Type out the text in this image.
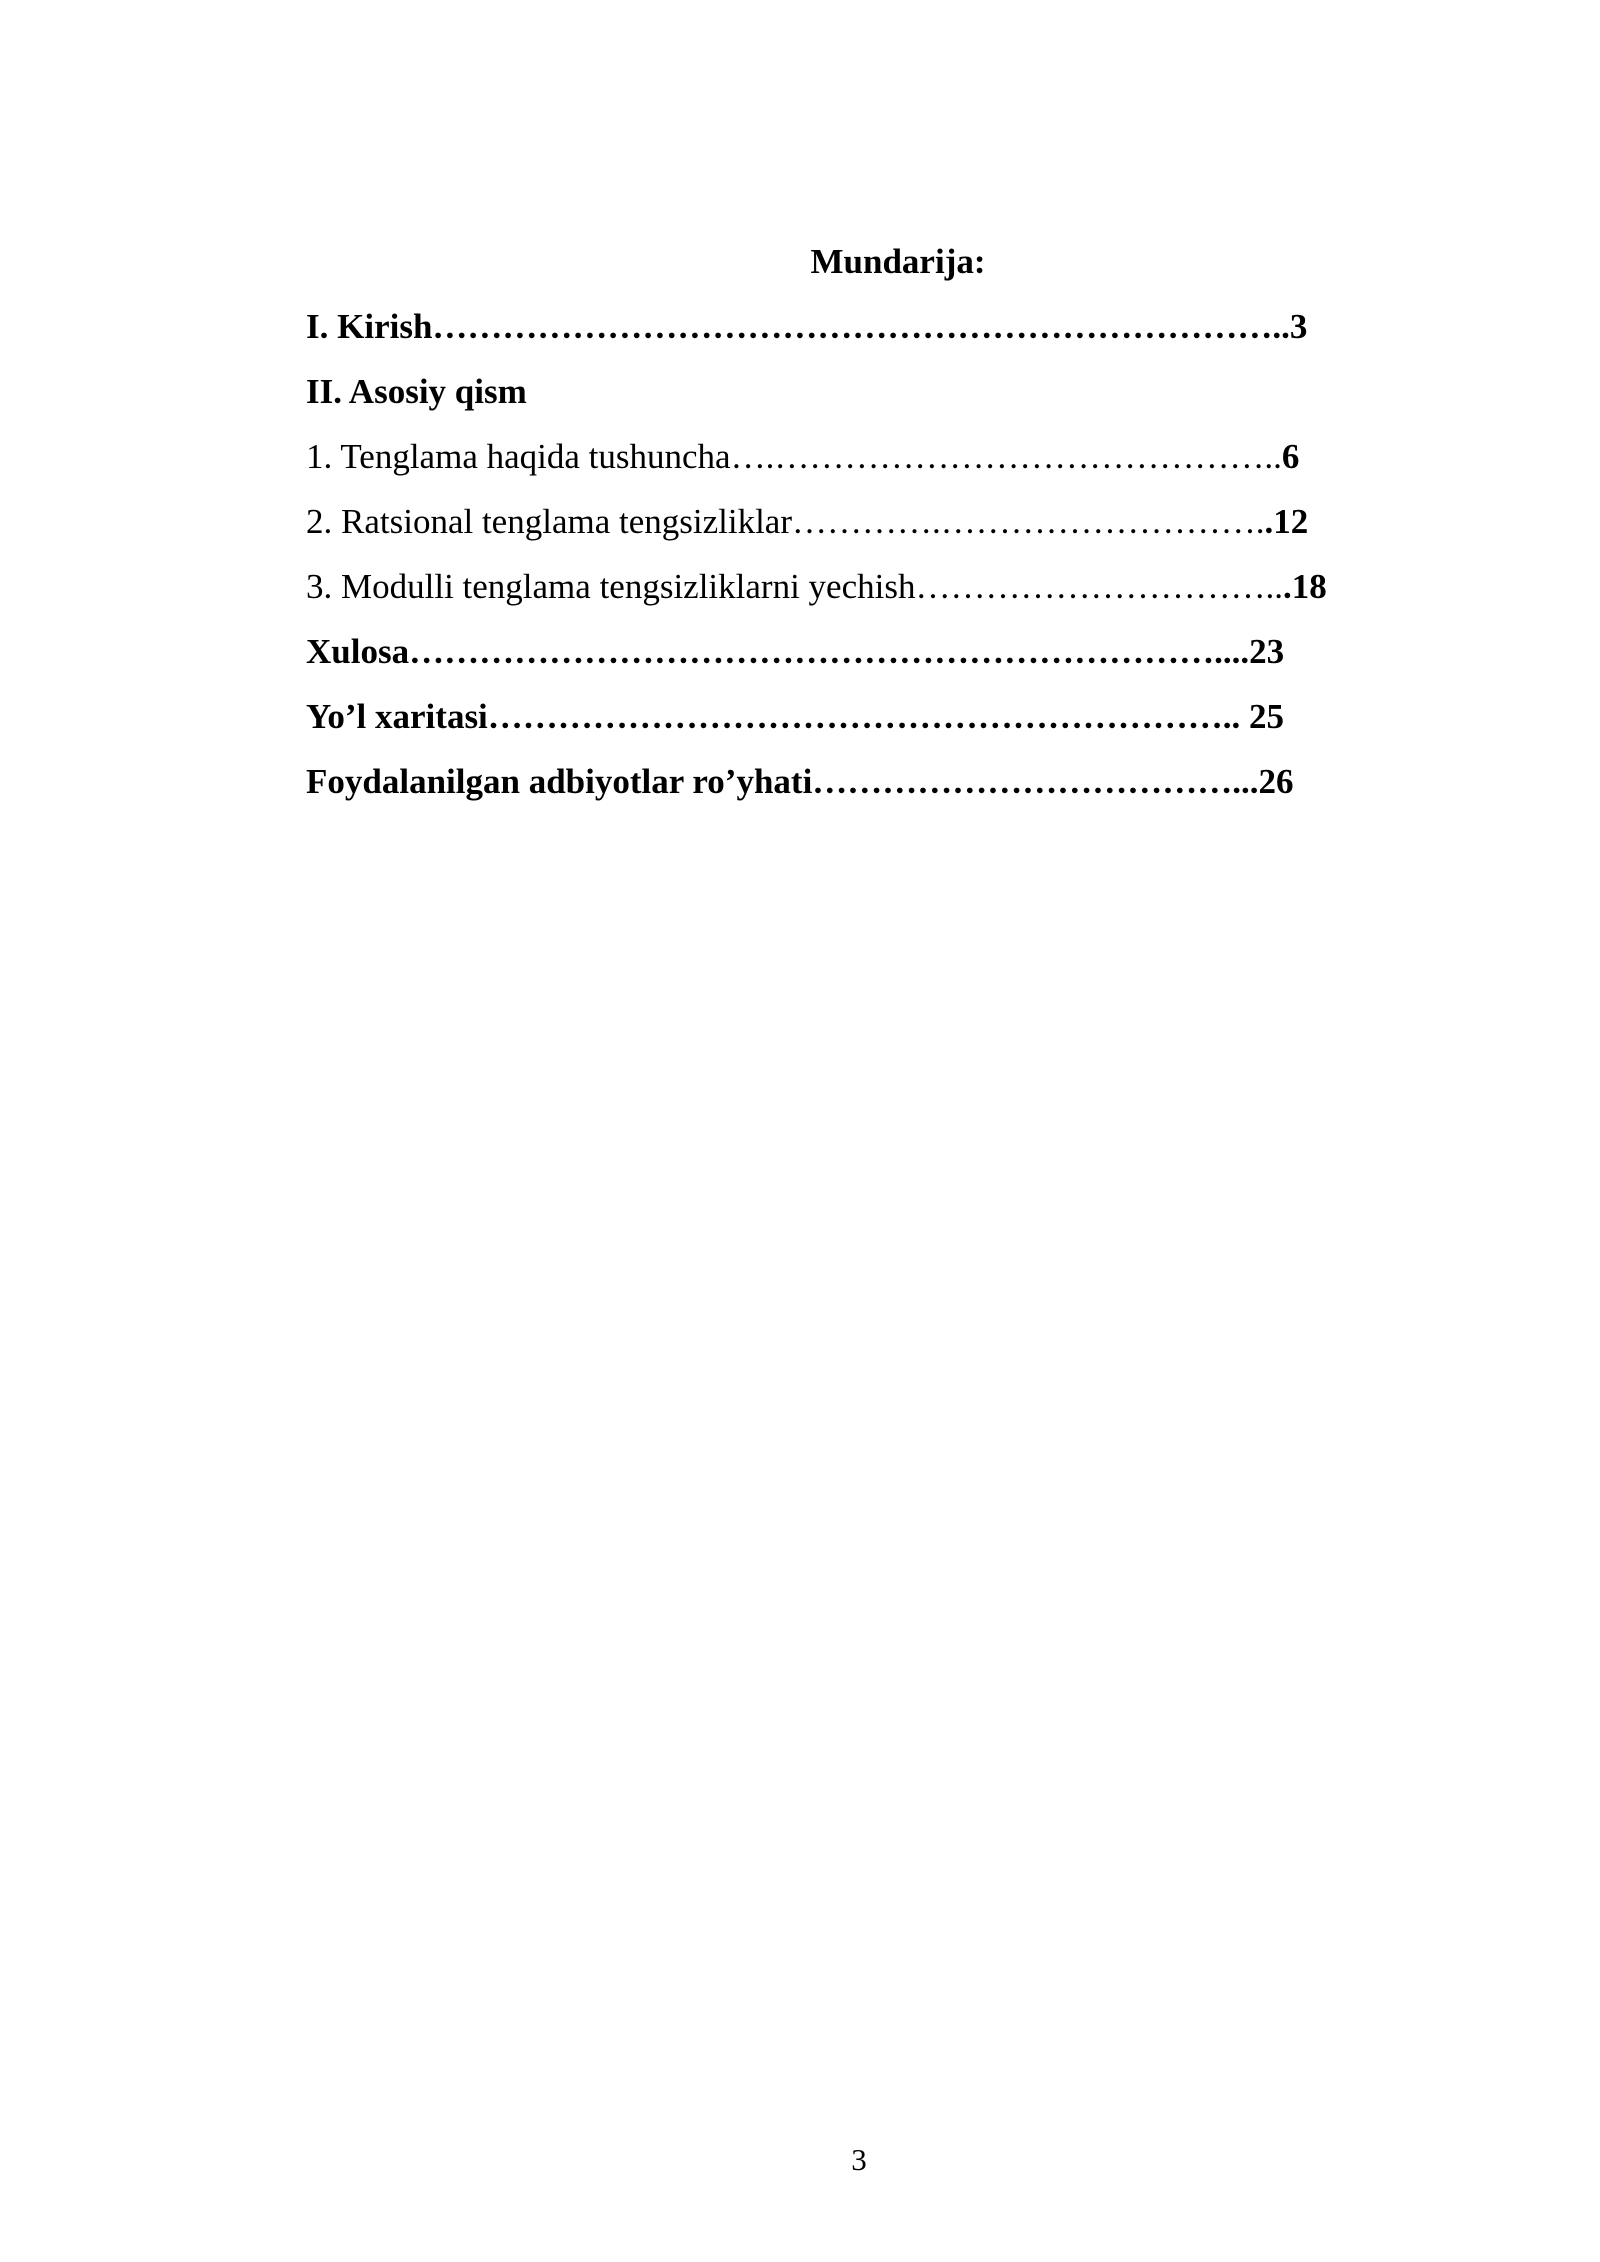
Mundarija:
I. Kirish………………………………………………………………..3
II. Asosiy qism
1. Tenglama haqida tushuncha….……………………………………..6
2. Ratsional tenglama tengsizliklar………….………………………..12
3. Modulli tenglama tengsizliklarni yechish…………………………...18
Xulosa……………………………………………………………....23
Yo’l xaritasi……………………………………………………….. 25
Foydalanilgan adbiyotlar ro’yhati………………………………...26
3
